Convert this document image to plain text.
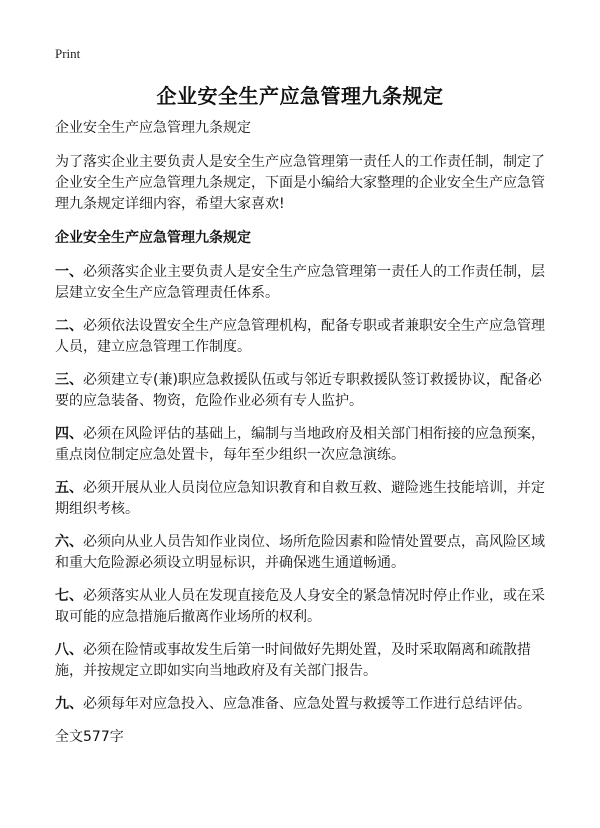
Print
企业安全生产应急管理九条规定

企业安全生产应急管理九条规定

为了落实企业主要负责人是安全生产应急管理第一责任人的工作责任制，制定了企业安全生产应急管理九条规定，下面是小编给大家整理的企业安全生产应急管理九条规定详细内容，希望大家喜欢!

企业安全生产应急管理九条规定

一、必须落实企业主要负责人是安全生产应急管理第一责任人的工作责任制，层层建立安全生产应急管理责任体系。

二、必须依法设置安全生产应急管理机构，配备专职或者兼职安全生产应急管理人员，建立应急管理工作制度。

三、必须建立专(兼)职应急救援队伍或与邻近专职救援队签订救援协议，配备必要的应急装备、物资，危险作业必须有专人监护。

四、必须在风险评估的基础上，编制与当地政府及相关部门相衔接的应急预案，重点岗位制定应急处置卡，每年至少组织一次应急演练。

五、必须开展从业人员岗位应急知识教育和自救互救、避险逃生技能培训，并定期组织考核。

六、必须向从业人员告知作业岗位、场所危险因素和险情处置要点，高风险区域和重大危险源必须设立明显标识，并确保逃生通道畅通。

七、必须落实从业人员在发现直接危及人身安全的紧急情况时停止作业，或在采取可能的应急措施后撤离作业场所的权利。

八、必须在险情或事故发生后第一时间做好先期处置，及时采取隔离和疏散措施，并按规定立即如实向当地政府及有关部门报告。

九、必须每年对应急投入、应急准备、应急处置与救援等工作进行总结评估。

全文577字
